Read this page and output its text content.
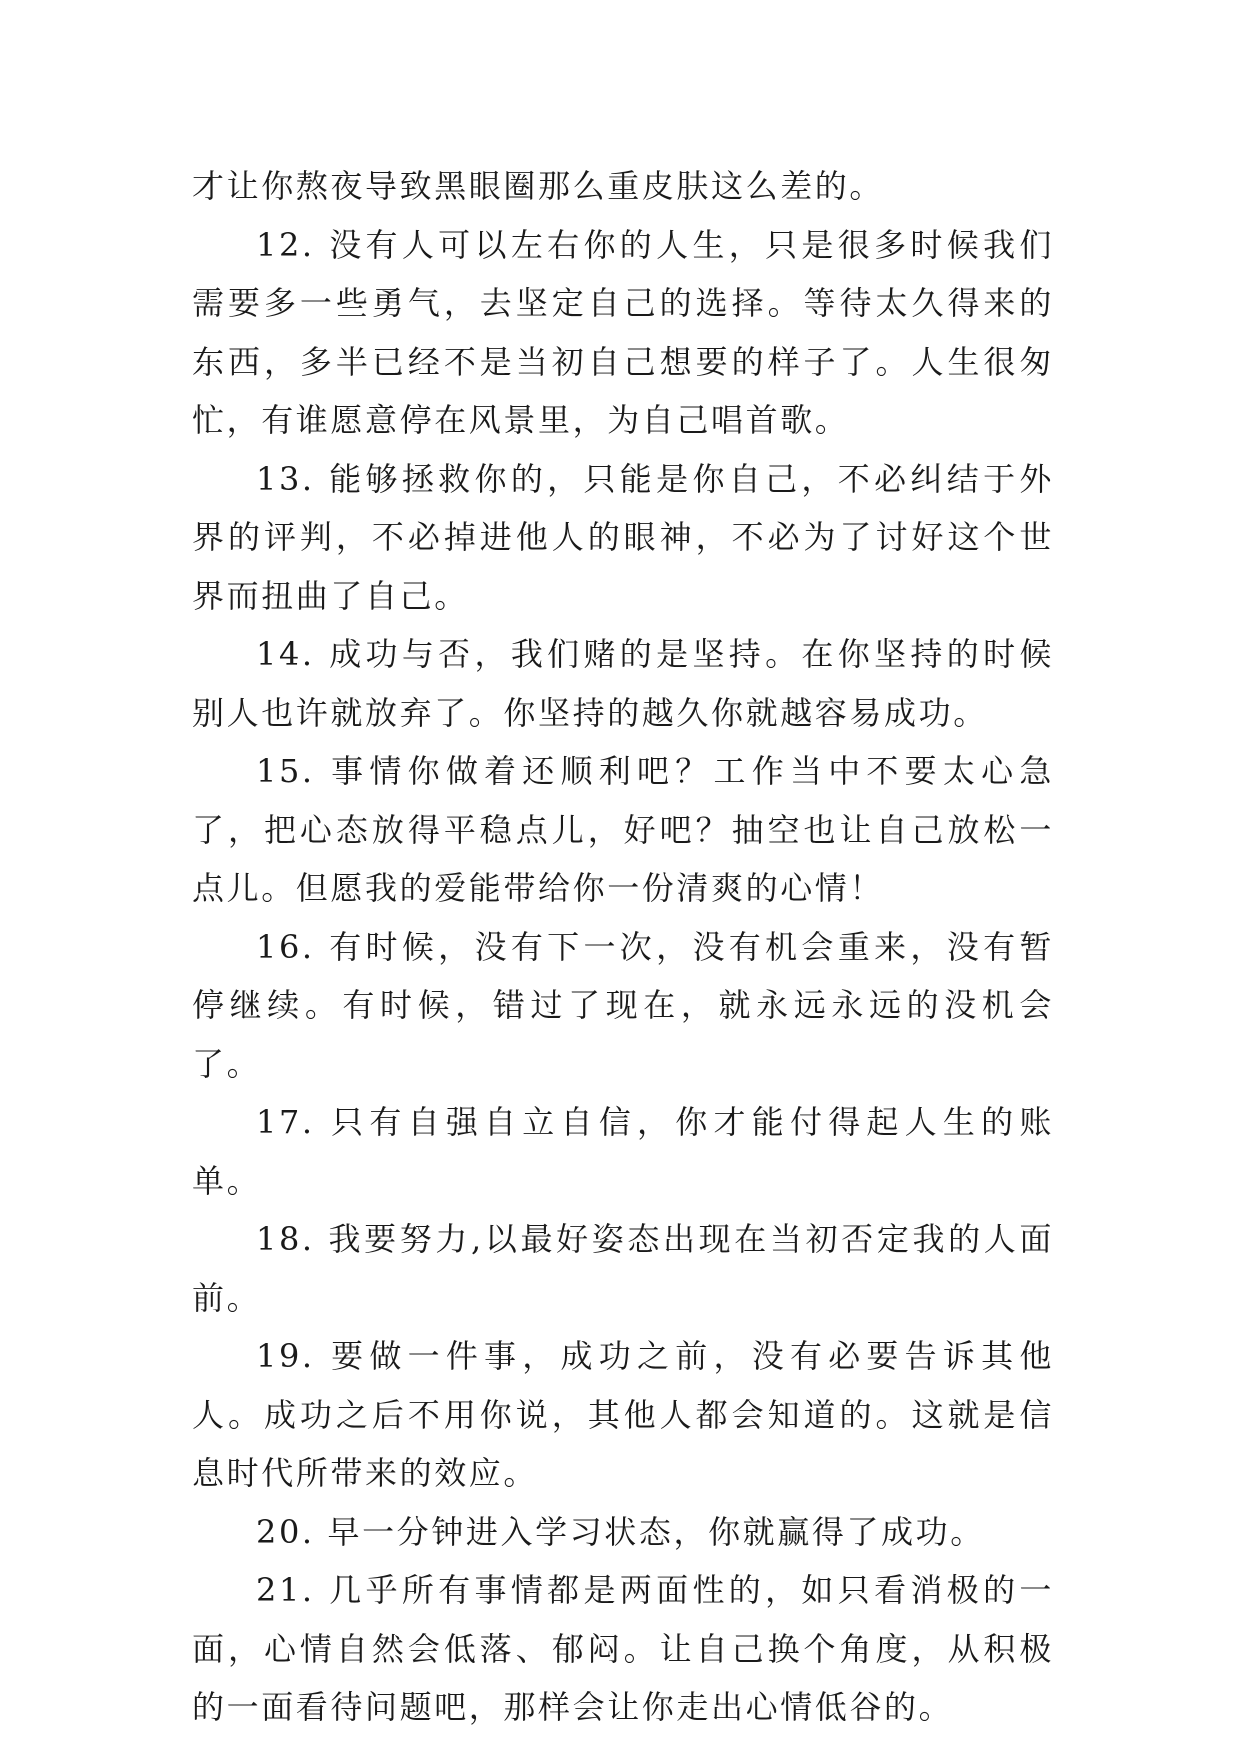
才让你熬夜导致黑眼圈那么重皮肤这么差的。

12. 没有人可以左右你的人生，只是很多时候我们需要多一些勇气，去坚定自己的选择。等待太久得来的东西，多半已经不是当初自己想要的样子了。人生很匆忙，有谁愿意停在风景里，为自己唱首歌。

13. 能够拯救你的，只能是你自己，不必纠结于外界的评判，不必掉进他人的眼神，不必为了讨好这个世界而扭曲了自己。

14. 成功与否，我们赌的是坚持。在你坚持的时候别人也许就放弃了。你坚持的越久你就越容易成功。

15. 事情你做着还顺利吧？工作当中不要太心急了，把心态放得平稳点儿，好吧？抽空也让自己放松一点儿。但愿我的爱能带给你一份清爽的心情！

16. 有时候，没有下一次，没有机会重来，没有暂停继续。有时候，错过了现在，就永远永远的没机会了。

17. 只有自强自立自信，你才能付得起人生的账单。

18. 我要努力,以最好姿态出现在当初否定我的人面前。

19. 要做一件事，成功之前，没有必要告诉其他人。成功之后不用你说，其他人都会知道的。这就是信息时代所带来的效应。

20. 早一分钟进入学习状态，你就赢得了成功。

21. 几乎所有事情都是两面性的，如只看消极的一面，心情自然会低落、郁闷。让自己换个角度，从积极的一面看待问题吧，那样会让你走出心情低谷的。
